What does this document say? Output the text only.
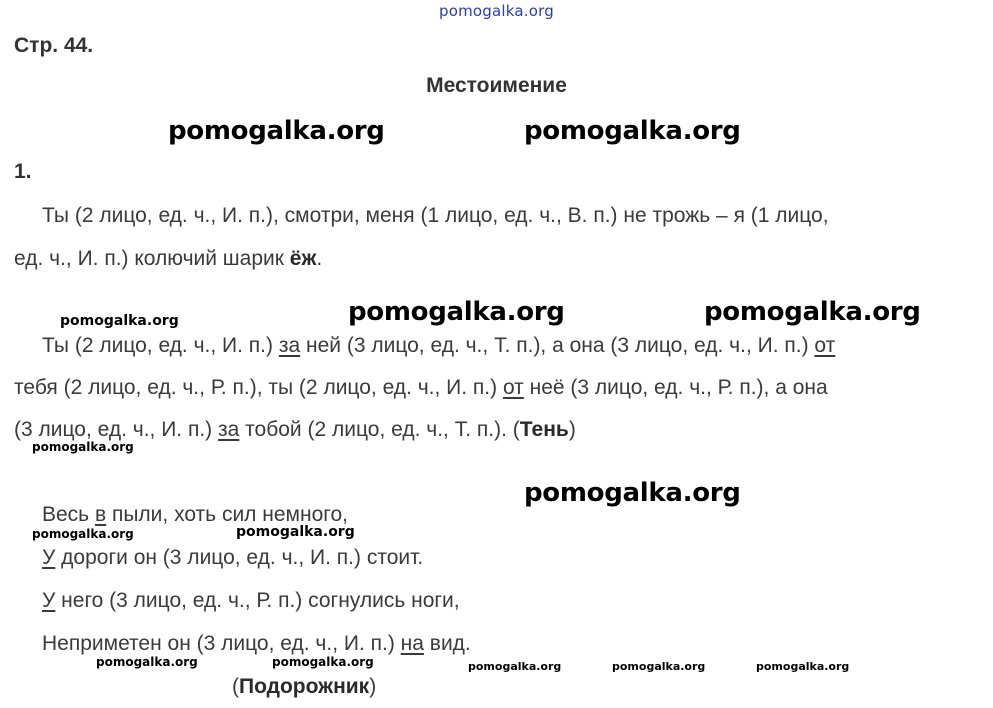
pomogalka.org
Стр. 44.
Местоимение
pomogalka.org	pomogalka.org
1.
Ты (2 лицо, ед. ч., И. п.), смотри, меня (1 лицо, ед. ч., В. п.) не трожь – я (1 лицо,
ед. ч., И. п.) колючий шарик ёж.
pomogalka.org	pomogalka.org	pomogalka.org
Ты (2 лицо, ед. ч., И. п.) за ней (3 лицо, ед. ч., Т. п.), а она (3 лицо, ед. ч., И. п.) от
тебя (2 лицо, ед. ч., Р. п.), ты (2 лицо, ед. ч., И. п.) от неё (3 лицо, ед. ч., Р. п.), а она
(3 лицо, ед. ч., И. п.) за тобой (2 лицо, ед. ч., Т. п.). (Тень)
pomogalka.org
pomogalka.org
Весь в пыли, хоть сил немного,
pomogalka.org	pomogalka.org
У дороги он (3 лицо, ед. ч., И. п.) стоит.
У него (3 лицо, ед. ч., Р. п.) согнулись ноги,
Неприметен он (3 лицо, ед. ч., И. п.) на вид.
pomogalka.org	pomogalka.org	pomogalka.org	pomogalka.org	pomogalka.org
(Подорожник)
